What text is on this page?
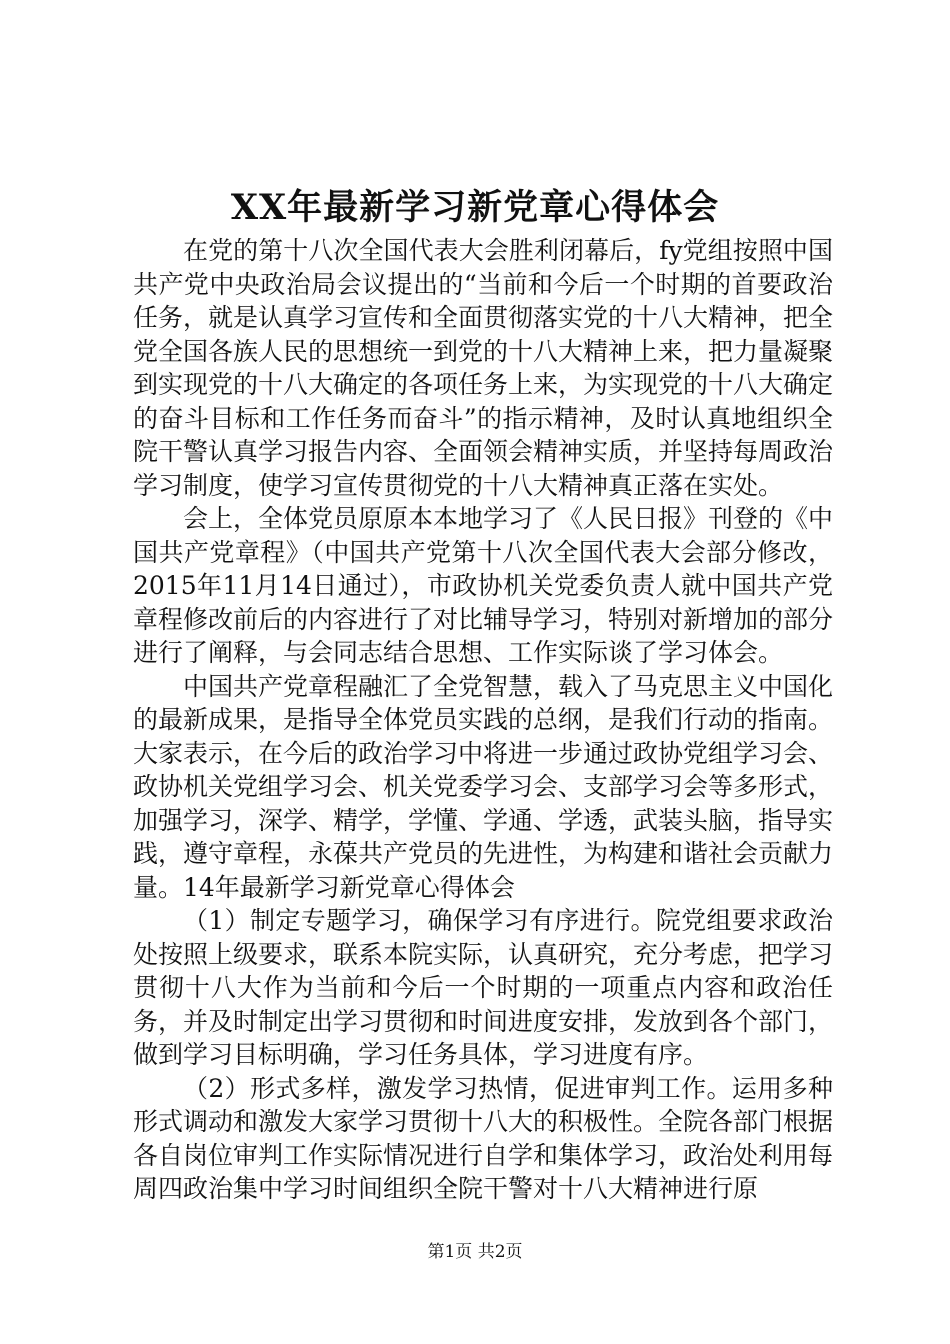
XX年最新学习新党章心得体会

在党的第十八次全国代表大会胜利闭幕后，fy党组按照中国共产党中央政治局会议提出的“当前和今后一个时期的首要政治任务，就是认真学习宣传和全面贯彻落实党的十八大精神，把全党全国各族人民的思想统一到党的十八大精神上来，把力量凝聚到实现党的十八大确定的各项任务上来，为实现党的十八大确定的奋斗目标和工作任务而奋斗”的指示精神，及时认真地组织全院干警认真学习报告内容、全面领会精神实质，并坚持每周政治学习制度，使学习宣传贯彻党的十八大精神真正落在实处。

会上，全体党员原原本本地学习了《人民日报》刊登的《中国共产党章程》（中国共产党第十八次全国代表大会部分修改，2015年11月14日通过），市政协机关党委负责人就中国共产党章程修改前后的内容进行了对比辅导学习，特别对新增加的部分进行了阐释，与会同志结合思想、工作实际谈了学习体会。

中国共产党章程融汇了全党智慧，载入了马克思主义中国化的最新成果，是指导全体党员实践的总纲，是我们行动的指南。大家表示，在今后的政治学习中将进一步通过政协党组学习会、政协机关党组学习会、机关党委学习会、支部学习会等多形式，加强学习，深学、精学，学懂、学通、学透，武装头脑，指导实践，遵守章程，永葆共产党员的先进性，为构建和谐社会贡献力量。14年最新学习新党章心得体会

（1）制定专题学习，确保学习有序进行。院党组要求政治处按照上级要求，联系本院实际，认真研究，充分考虑，把学习贯彻十八大作为当前和今后一个时期的一项重点内容和政治任务，并及时制定出学习贯彻和时间进度安排，发放到各个部门，做到学习目标明确，学习任务具体，学习进度有序。

（2）形式多样，激发学习热情，促进审判工作。运用多种形式调动和激发大家学习贯彻十八大的积极性。全院各部门根据各自岗位审判工作实际情况进行自学和集体学习，政治处利用每周四政治集中学习时间组织全院干警对十八大精神进行原

第1页 共2页
